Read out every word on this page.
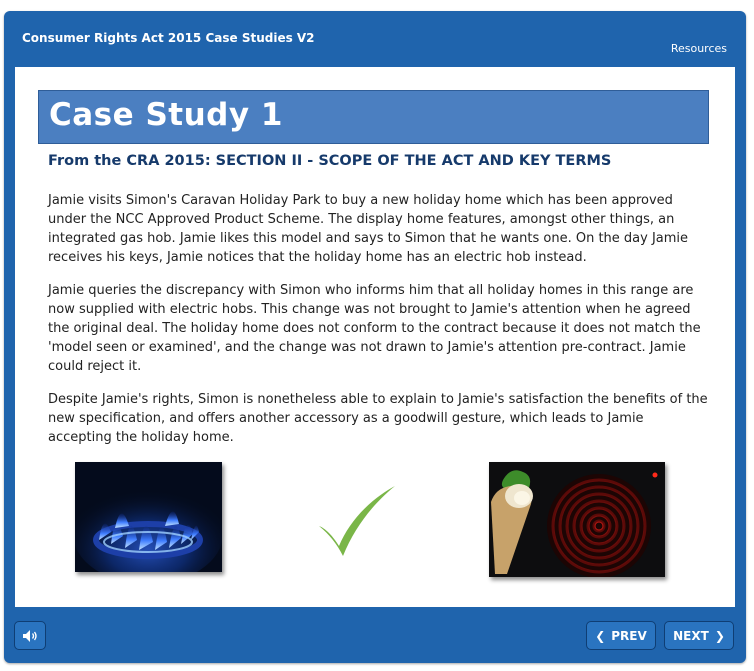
Consumer Rights Act 2015 Case Studies V2
Resources
Case Study 1
From the CRA 2015: SECTION II - SCOPE OF THE ACT AND KEY TERMS
Jamie visits Simon's Caravan Holiday Park to buy a new holiday home which has been approved under the NCC Approved Product Scheme. The display home features, amongst other things, an integrated gas hob. Jamie likes this model and says to Simon that he wants one. On the day Jamie receives his keys, Jamie notices that the holiday home has an electric hob instead.
Jamie queries the discrepancy with Simon who informs him that all holiday homes in this range are now supplied with electric hobs. This change was not brought to Jamie's attention when he agreed the original deal. The holiday home does not conform to the contract because it does not match the 'model seen or examined', and the change was not drawn to Jamie's attention pre-contract. Jamie could reject it.
Despite Jamie's rights, Simon is nonetheless able to explain to Jamie's satisfaction the benefits of the new specification, and offers another accessory as a goodwill gesture, which leads to Jamie accepting the holiday home.
❮ PREV NEXT ❯
